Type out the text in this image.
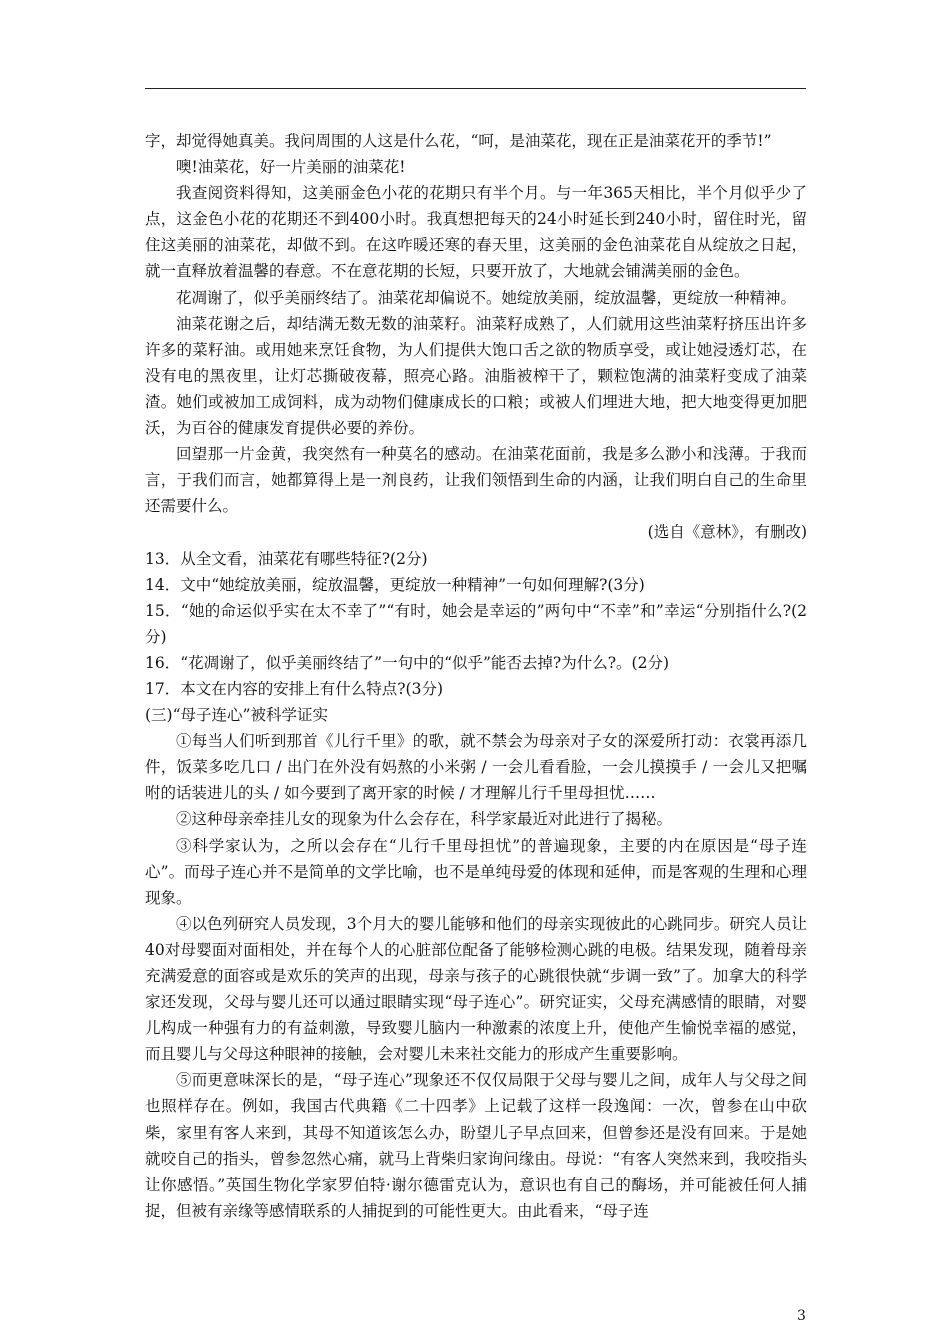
字，却觉得她真美。我问周围的人这是什么花，“呵，是油菜花，现在正是油菜花开的季节!”

噢!油菜花，好一片美丽的油菜花!

我查阅资料得知，这美丽金色小花的花期只有半个月。与一年365天相比，半个月似乎少了点，这金色小花的花期还不到400小时。我真想把每天的24小时延长到240小时，留住时光，留住这美丽的油菜花，却做不到。在这咋暖还寒的春天里，这美丽的金色油菜花自从绽放之日起，就一直释放着温馨的春意。不在意花期的长短，只要开放了，大地就会铺满美丽的金色。

花凋谢了，似乎美丽终结了。油菜花却偏说不。她绽放美丽，绽放温馨，更绽放一种精神。

油菜花谢之后，却结满无数无数的油菜籽。油菜籽成熟了，人们就用这些油菜籽挤压出许多许多的菜籽油。或用她来烹饪食物，为人们提供大饱口舌之欲的物质享受，或让她浸透灯芯，在没有电的黑夜里，让灯芯撕破夜幕，照亮心路。油脂被榨干了，颗粒饱满的油菜籽变成了油菜渣。她们或被加工成饲料，成为动物们健康成长的口粮；或被人们埋进大地，把大地变得更加肥沃，为百谷的健康发育提供必要的养份。

回望那一片金黄，我突然有一种莫名的感动。在油菜花面前，我是多么渺小和浅薄。于我而言，于我们而言，她都算得上是一剂良药，让我们领悟到生命的内涵，让我们明白自己的生命里还需要什么。

(选自《意林》，有删改)

13．从全文看，油菜花有哪些特征?(2分)

14．文中“她绽放美丽，绽放温馨，更绽放一种精神”一句如何理解?(3分)

15．“她的命运似乎实在太不幸了”“有时，她会是幸运的”两句中“不幸”和”幸运“分别指什么?(2分)

16．“花凋谢了，似乎美丽终结了”一句中的“似乎”能否去掉?为什么?。(2分)

17．本文在内容的安排上有什么特点?(3分)

(三)“母子连心”被科学证实

①每当人们听到那首《儿行千里》的歌，就不禁会为母亲对子女的深爱所打动：衣裳再添几件，饭菜多吃几口 / 出门在外没有妈熬的小米粥 / 一会儿看看脸，一会儿摸摸手 / 一会儿又把嘱咐的话装进儿的头 / 如今要到了离开家的时候 / 才理解儿行千里母担忧……

②这种母亲牵挂儿女的现象为什么会存在，科学家最近对此进行了揭秘。

③科学家认为，之所以会存在“儿行千里母担忧”的普遍现象，主要的内在原因是“母子连心”。而母子连心并不是简单的文学比喻，也不是单纯母爱的体现和延伸，而是客观的生理和心理现象。

④以色列研究人员发现，3个月大的婴儿能够和他们的母亲实现彼此的心跳同步。研究人员让40对母婴面对面相处，并在每个人的心脏部位配备了能够检测心跳的电极。结果发现，随着母亲充满爱意的面容或是欢乐的笑声的出现，母亲与孩子的心跳很快就“步调一致”了。加拿大的科学家还发现，父母与婴儿还可以通过眼睛实现“母子连心”。研究证实，父母充满感情的眼睛，对婴儿构成一种强有力的有益刺激，导致婴儿脑内一种激素的浓度上升，使他产生愉悦幸福的感觉，而且婴儿与父母这种眼神的接触，会对婴儿未来社交能力的形成产生重要影响。

⑤而更意味深长的是，“母子连心”现象还不仅仅局限于父母与婴儿之间，成年人与父母之间也照样存在。例如，我国古代典籍《二十四孝》上记载了这样一段逸闻：一次，曾参在山中砍柴，家里有客人来到，其母不知道该怎么办，盼望儿子早点回来，但曾参还是没有回来。于是她就咬自己的指头，曾参忽然心痛，就马上背柴归家询问缘由。母说：“有客人突然来到，我咬指头让你感悟。”英国生物化学家罗伯特·谢尔德雷克认为，意识也有自己的酶场，并可能被任何人捕捉，但被有亲缘等感情联系的人捕捉到的可能性更大。由此看来，“母子连

3
